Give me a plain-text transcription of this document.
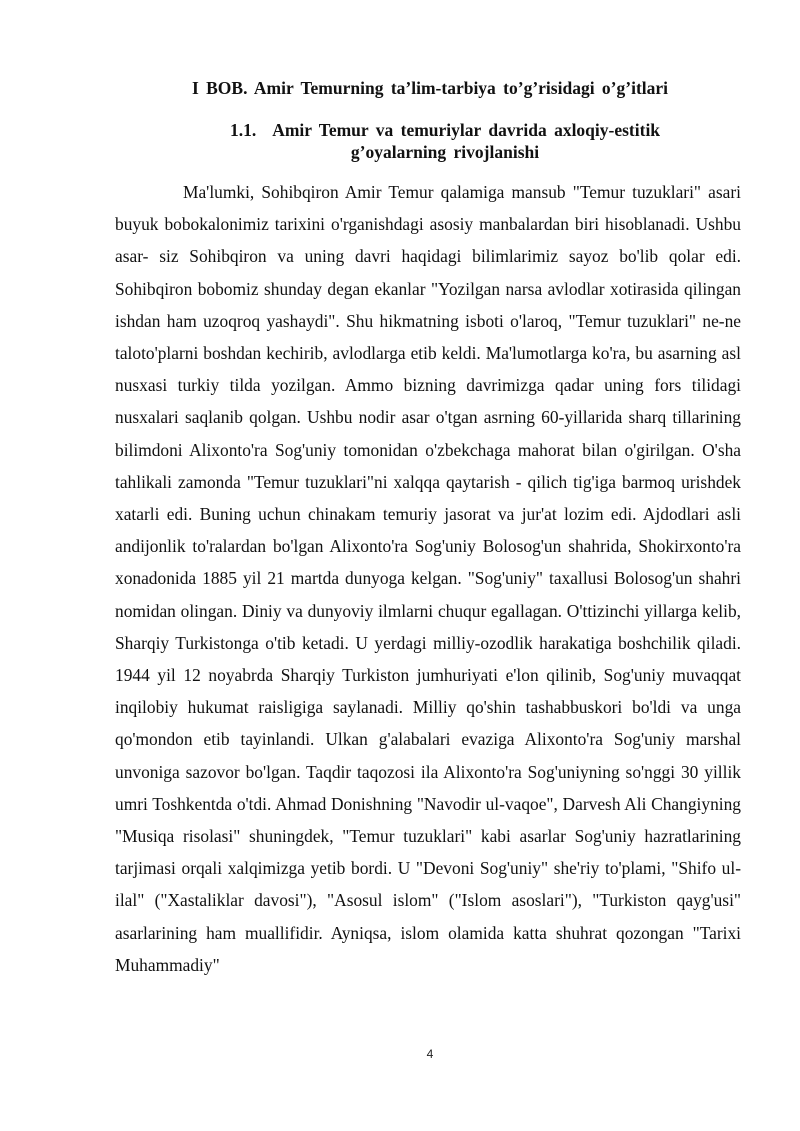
I BOB. Amir Temurning ta’lim-tarbiya to’g’risidagi o’g’itlari
1.1. Amir Temur va temuriylar davrida axloqiy-estitik g’oyalarning rivojlanishi

Ma'lumki, Sohibqiron Amir Temur qalamiga mansub "Temur tuzuklari" asari buyuk bobokalonimiz tarixini o'rganishdagi asosiy manbalardan biri hisoblanadi. Ushbu asar- siz Sohibqiron va uning davri haqidagi bilimlarimiz sayoz bo'lib qolar edi. Sohibqiron bobomiz shunday degan ekanlar "Yozilgan narsa avlodlar xotirasida qilingan ishdan ham uzoqroq yashaydi". Shu hikmatning isboti o'laroq, "Temur tuzuklari" ne-ne taloto'plarni boshdan kechirib, avlodlarga etib keldi. Ma'lumotlarga ko'ra, bu asarning asl nusxasi turkiy tilda yozilgan. Ammo bizning davrimizga qadar uning fors tilidagi nusxalari saqlanib qolgan. Ushbu nodir asar o'tgan asrning 60-yillarida sharq tillarining bilimdoni Alixonto'ra Sog'uniy tomonidan o'zbekchaga mahorat bilan o'girilgan. O'sha tahlikali zamonda "Temur tuzuklari"ni xalqqa qaytarish - qilich tig'iga barmoq urishdek xatarli edi. Buning uchun chinakam temuriy jasorat va jur'at lozim edi. Ajdodlari asli andijonlik to'ralardan bo'lgan Alixonto'ra Sog'uniy Bolosog'un shahrida, Shokirxonto'ra xonadonida 1885 yil 21 martda dunyoga kelgan. "Sog'uniy" taxallusi Bolosog'un shahri nomidan olingan. Diniy va dunyoviy ilmlarni chuqur egallagan. O'ttizinchi yillarga kelib, Sharqiy Turkistonga o'tib ketadi. U yerdagi milliy-ozodlik harakatiga boshchilik qiladi. 1944 yil 12 noyabrda Sharqiy Turkiston jumhuriyati e'lon qilinib, Sog'uniy muvaqqat inqilobiy hukumat raisligiga saylanadi. Milliy qo'shin tashabbuskori bo'ldi va unga qo'mondon etib tayinlandi. Ulkan g'alabalari evaziga Alixonto'ra Sog'uniy marshal unvoniga sazovor bo'lgan. Taqdir taqozosi ila Alixonto'ra Sog'uniyning so'nggi 30 yillik umri Toshkentda o'tdi. Ahmad Donishning "Navodir ul-vaqoe", Darvesh Ali Changiyning "Musiqa risolasi" shuningdek, "Temur tuzuklari" kabi asarlar Sog'uniy hazratlarining tarjimasi orqali xalqimizga yetib bordi. U "Devoni Sog'uniy" she'riy to'plami, "Shifo ul-ilal" ("Xastaliklar davosi"), "Asosul islom" ("Islom asoslari"), "Turkiston qayg'usi" asarlarining ham muallifidir. Ayniqsa, islom olamida katta shuhrat qozongan "Tarixi Muhammadiy"

4
